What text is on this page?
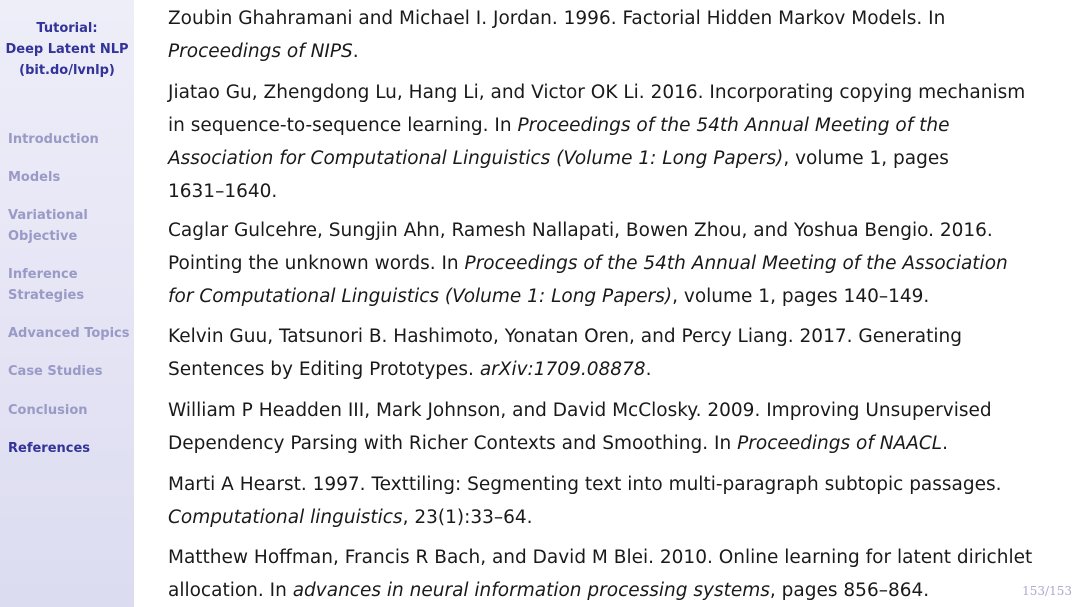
Tutorial:
Deep Latent NLP
(bit.do/lvnlp)
Introduction
Models
Variational
Objective
Inference
Strategies
Advanced Topics
Case Studies
Conclusion
References
Zoubin Ghahramani and Michael I. Jordan. 1996. Factorial Hidden Markov Models. In
Proceedings of NIPS.
Jiatao Gu, Zhengdong Lu, Hang Li, and Victor OK Li. 2016. Incorporating copying mechanism
in sequence-to-sequence learning. In Proceedings of the 54th Annual Meeting of the
Association for Computational Linguistics (Volume 1: Long Papers), volume 1, pages
1631–1640.
Caglar Gulcehre, Sungjin Ahn, Ramesh Nallapati, Bowen Zhou, and Yoshua Bengio. 2016.
Pointing the unknown words. In Proceedings of the 54th Annual Meeting of the Association
for Computational Linguistics (Volume 1: Long Papers), volume 1, pages 140–149.
Kelvin Guu, Tatsunori B. Hashimoto, Yonatan Oren, and Percy Liang. 2017. Generating
Sentences by Editing Prototypes. arXiv:1709.08878.
William P Headden III, Mark Johnson, and David McClosky. 2009. Improving Unsupervised
Dependency Parsing with Richer Contexts and Smoothing. In Proceedings of NAACL.
Marti A Hearst. 1997. Texttiling: Segmenting text into multi-paragraph subtopic passages.
Computational linguistics, 23(1):33–64.
Matthew Hoffman, Francis R Bach, and David M Blei. 2010. Online learning for latent dirichlet
allocation. In advances in neural information processing systems, pages 856–864.	153/153
